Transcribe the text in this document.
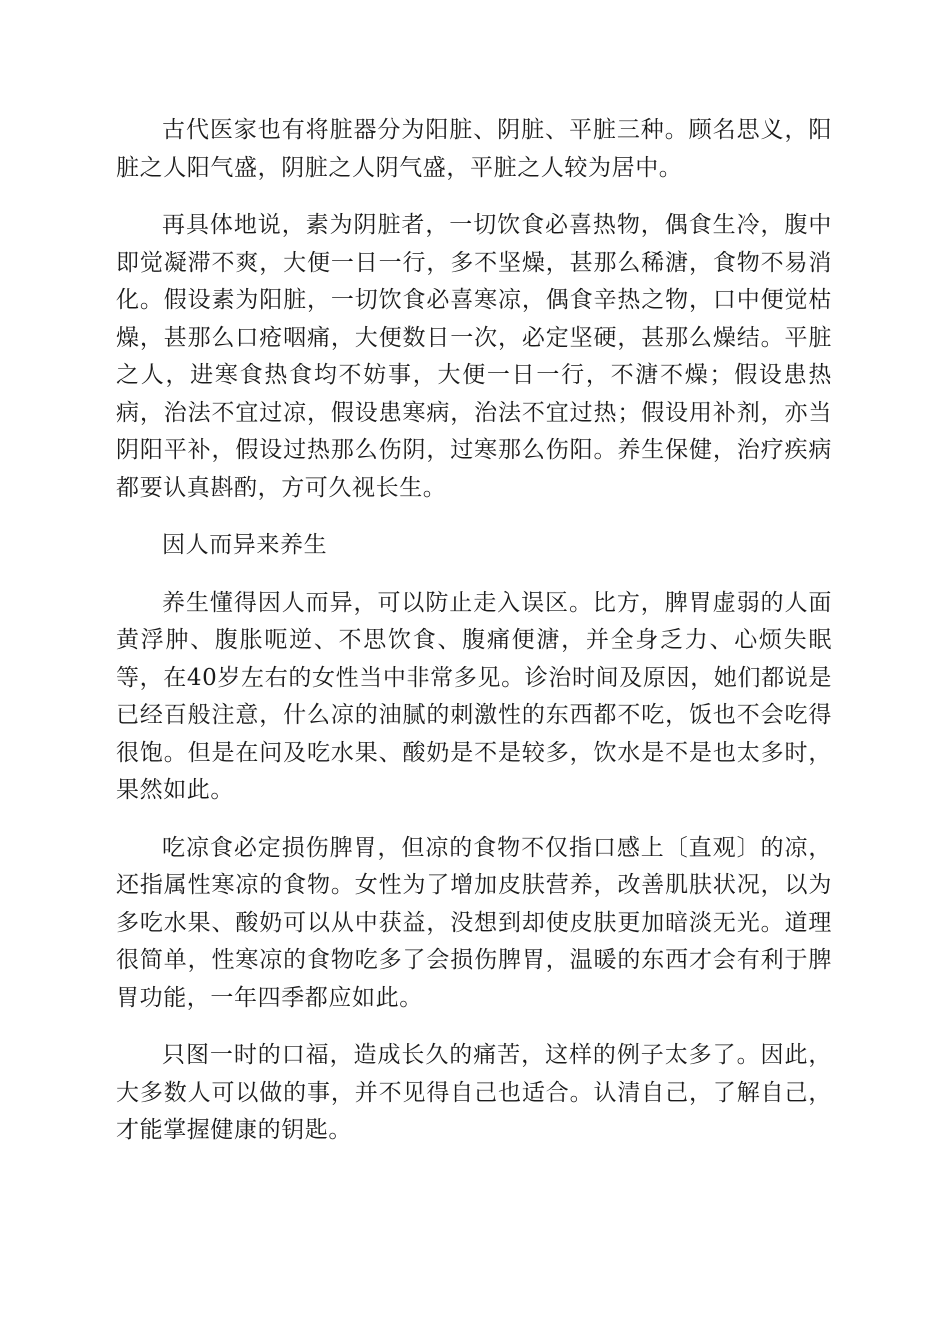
古代医家也有将脏器分为阳脏、阴脏、平脏三种。顾名思义，阳脏之人阳气盛，阴脏之人阴气盛，平脏之人较为居中。

再具体地说，素为阴脏者，一切饮食必喜热物，偶食生冷，腹中即觉凝滞不爽，大便一日一行，多不坚燥，甚那么稀溏，食物不易消化。假设素为阳脏，一切饮食必喜寒凉，偶食辛热之物，口中便觉枯燥，甚那么口疮咽痛，大便数日一次，必定坚硬，甚那么燥结。平脏之人，进寒食热食均不妨事，大便一日一行，不溏不燥；假设患热病，治法不宜过凉，假设患寒病，治法不宜过热；假设用补剂，亦当阴阳平补，假设过热那么伤阴，过寒那么伤阳。养生保健，治疗疾病都要认真斟酌，方可久视长生。

因人而异来养生

养生懂得因人而异，可以防止走入误区。比方，脾胃虚弱的人面黄浮肿、腹胀呃逆、不思饮食、腹痛便溏，并全身乏力、心烦失眠等，在40岁左右的女性当中非常多见。诊治时间及原因，她们都说是已经百般注意，什么凉的油腻的刺激性的东西都不吃，饭也不会吃得很饱。但是在问及吃水果、酸奶是不是较多，饮水是不是也太多时，果然如此。

吃凉食必定损伤脾胃，但凉的食物不仅指口感上〔直观〕的凉，还指属性寒凉的食物。女性为了增加皮肤营养，改善肌肤状况，以为多吃水果、酸奶可以从中获益，没想到却使皮肤更加暗淡无光。道理很简单，性寒凉的食物吃多了会损伤脾胃，温暖的东西才会有利于脾胃功能，一年四季都应如此。

只图一时的口福，造成长久的痛苦，这样的例子太多了。因此，大多数人可以做的事，并不见得自己也适合。认清自己，了解自己，才能掌握健康的钥匙。
